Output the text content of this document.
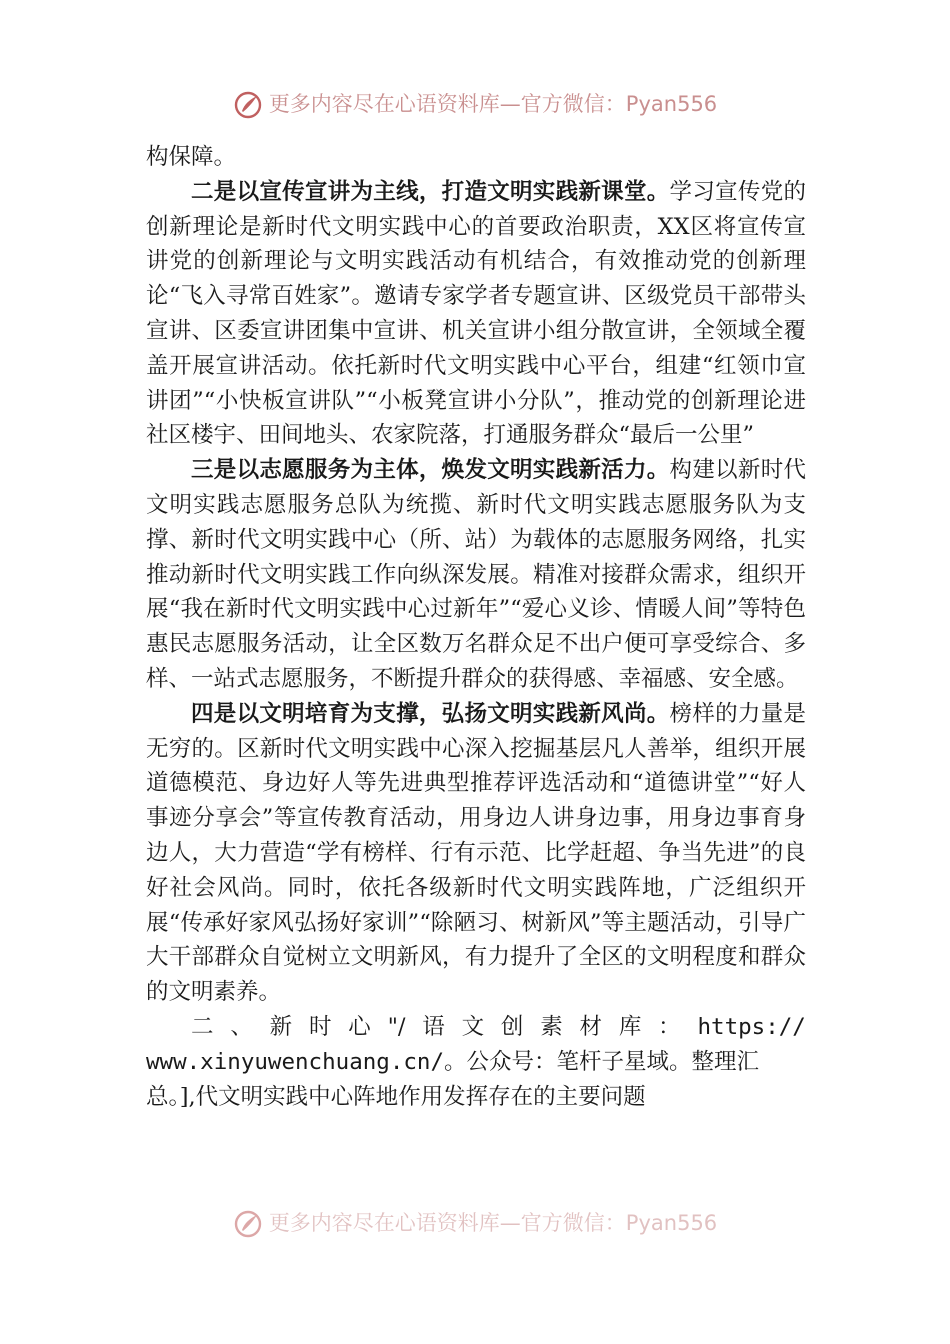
更多内容尽在心语资料库—官方微信：Pyan556

构保障。

二是以宣传宣讲为主线，打造文明实践新课堂。学习宣传党的创新理论是新时代文明实践中心的首要政治职责，XX区将宣传宣讲党的创新理论与文明实践活动有机结合，有效推动党的创新理论“飞入寻常百姓家”。邀请专家学者专题宣讲、区级党员干部带头宣讲、区委宣讲团集中宣讲、机关宣讲小组分散宣讲，全领域全覆盖开展宣讲活动。依托新时代文明实践中心平台，组建“红领巾宣讲团”“小快板宣讲队”“小板凳宣讲小分队”，推动党的创新理论进社区楼宇、田间地头、农家院落，打通服务群众“最后一公里”

三是以志愿服务为主体，焕发文明实践新活力。构建以新时代文明实践志愿服务总队为统揽、新时代文明实践志愿服务队为支撑、新时代文明实践中心（所、站）为载体的志愿服务网络，扎实推动新时代文明实践工作向纵深发展。精准对接群众需求，组织开展“我在新时代文明实践中心过新年”“爱心义诊、情暖人间”等特色惠民志愿服务活动，让全区数万名群众足不出户便可享受综合、多样、一站式志愿服务，不断提升群众的获得感、幸福感、安全感。

四是以文明培育为支撑，弘扬文明实践新风尚。榜样的力量是无穷的。区新时代文明实践中心深入挖掘基层凡人善举，组织开展道德模范、身边好人等先进典型推荐评选活动和“道德讲堂”“好人事迹分享会”等宣传教育活动，用身边人讲身边事，用身边事育身边人，大力营造“学有榜样、行有示范、比学赶超、争当先进”的良好社会风尚。同时，依托各级新时代文明实践阵地，广泛组织开展“传承好家风弘扬好家训”“除陋习、树新风”等主题活动，引导广大干部群众自觉树立文明新风，有力提升了全区的文明程度和群众的文明素养。

二 、 新 时 心 "/ 语 文 创 素 材 库 ： https://

www.xinyuwenchuang.cn/。公众号：笔杆子星域。整理汇

总。],代文明实践中心阵地作用发挥存在的主要问题

更多内容尽在心语资料库—官方微信：Pyan556
